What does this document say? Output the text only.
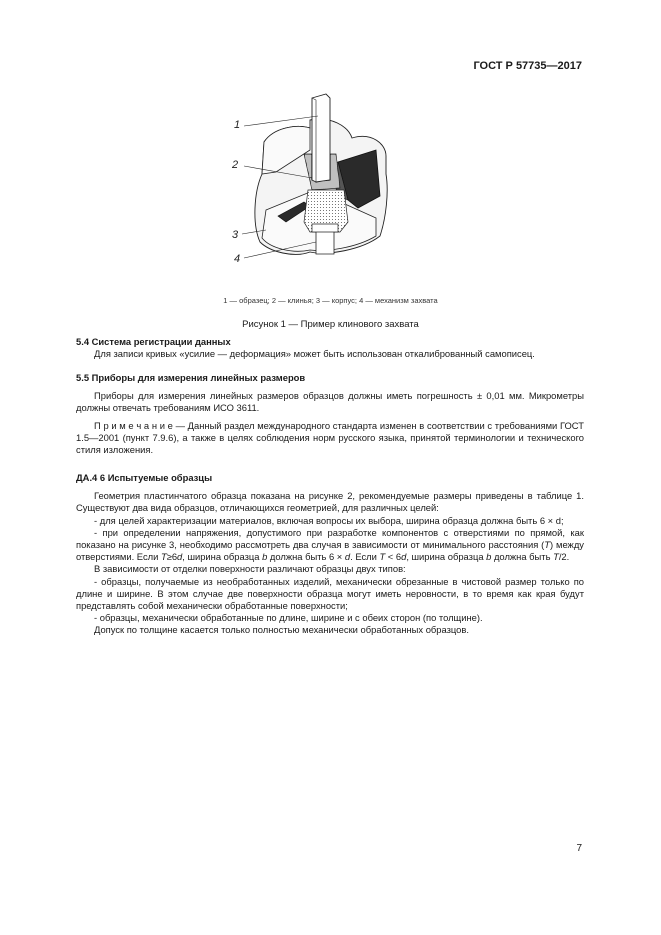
ГОСТ Р 57735—2017
1
2
3
4
1 — образец; 2 — клинья; 3 — корпус; 4 — механизм захвата
Рисунок 1 — Пример клинового захвата

5.4 Система регистрации данных

Для записи кривых «усилие — деформация» может быть использован откалиброванный самописец.

5.5 Приборы для измерения линейных размеров

Приборы для измерения линейных размеров образцов должны иметь погрешность ± 0,01 мм. Микрометры должны отвечать требованиям ИСО 3611.

П р и м е ч а н и е — Данный раздел международного стандарта изменен в соответствии с требованиями ГОСТ 1.5—2001 (пункт 7.9.6), а также в целях соблюдения норм русского языка, принятой терминологии и технического стиля изложения.

ДА.4 6 Испытуемые образцы

Геометрия пластинчатого образца показана на рисунке 2, рекомендуемые размеры приведены в таблице 1. Существуют два вида образцов, отличающихся геометрией, для различных целей:

- для целей характеризации материалов, включая вопросы их выбора, ширина образца должна быть 6 × d;

- при определении напряжения, допустимого при разработке компонентов с отверстиями по прямой, как показано на рисунке 3, необходимо рассмотреть два случая в зависимости от минимального расстояния (T) между отверстиями. Если T≥6d, ширина образца b должна быть 6 × d. Если T < 6d, ширина образца b должна быть T/2.

В зависимости от отделки поверхности различают образцы двух типов:

- образцы, получаемые из необработанных изделий, механически обрезанные в чистовой размер только по длине и ширине. В этом случае две поверхности образца могут иметь неровности, в то время как края будут представлять собой механически обработанные поверхности;

- образцы, механически обработанные по длине, ширине и с обеих сторон (по толщине).

Допуск по толщине касается только полностью механически обработанных образцов.

7
